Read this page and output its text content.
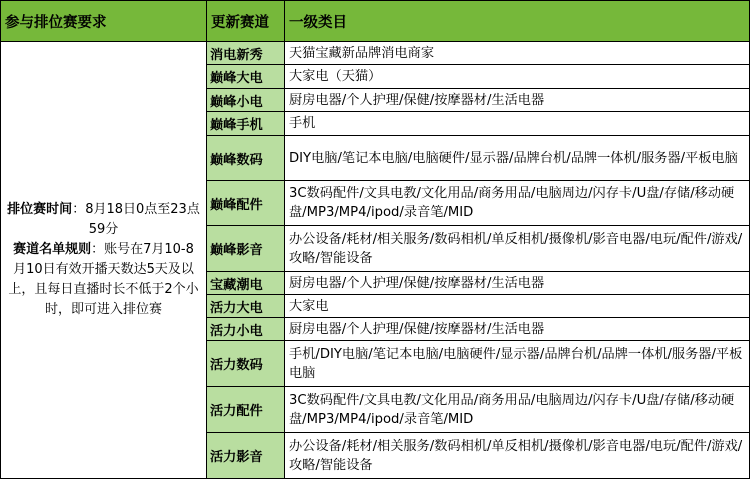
参与排位赛要求	更新赛道	一级类目
排位赛时间：8月18日0点至23点59分
赛道名单规则：账号在7月10-8月10日有效开播天数达5天及以上，且每日直播时长不低于2个小时，即可进入排位赛	消电新秀	天猫宝藏新品牌消电商家
	巅峰大电	大家电（天猫）
	巅峰小电	厨房电器/个人护理/保健/按摩器材/生活电器
	巅峰手机	手机
	巅峰数码	DIY电脑/笔记本电脑/电脑硬件/显示器/品牌台机/品牌一体机/服务器/平板电脑
	巅峰配件	3C数码配件/文具电教/文化用品/商务用品/电脑周边/闪存卡/U盘/存储/移动硬盘/MP3/MP4/ipod/录音笔/MID
	巅峰影音	办公设备/耗材/相关服务/数码相机/单反相机/摄像机/影音电器/电玩/配件/游戏/攻略/智能设备
	宝藏潮电	厨房电器/个人护理/保健/按摩器材/生活电器
	活力大电	大家电
	活力小电	厨房电器/个人护理/保健/按摩器材/生活电器
	活力数码	手机/DIY电脑/笔记本电脑/电脑硬件/显示器/品牌台机/品牌一体机/服务器/平板电脑
	活力配件	3C数码配件/文具电教/文化用品/商务用品/电脑周边/闪存卡/U盘/存储/移动硬盘/MP3/MP4/ipod/录音笔/MID
	活力影音	办公设备/耗材/相关服务/数码相机/单反相机/摄像机/影音电器/电玩/配件/游戏/攻略/智能设备
